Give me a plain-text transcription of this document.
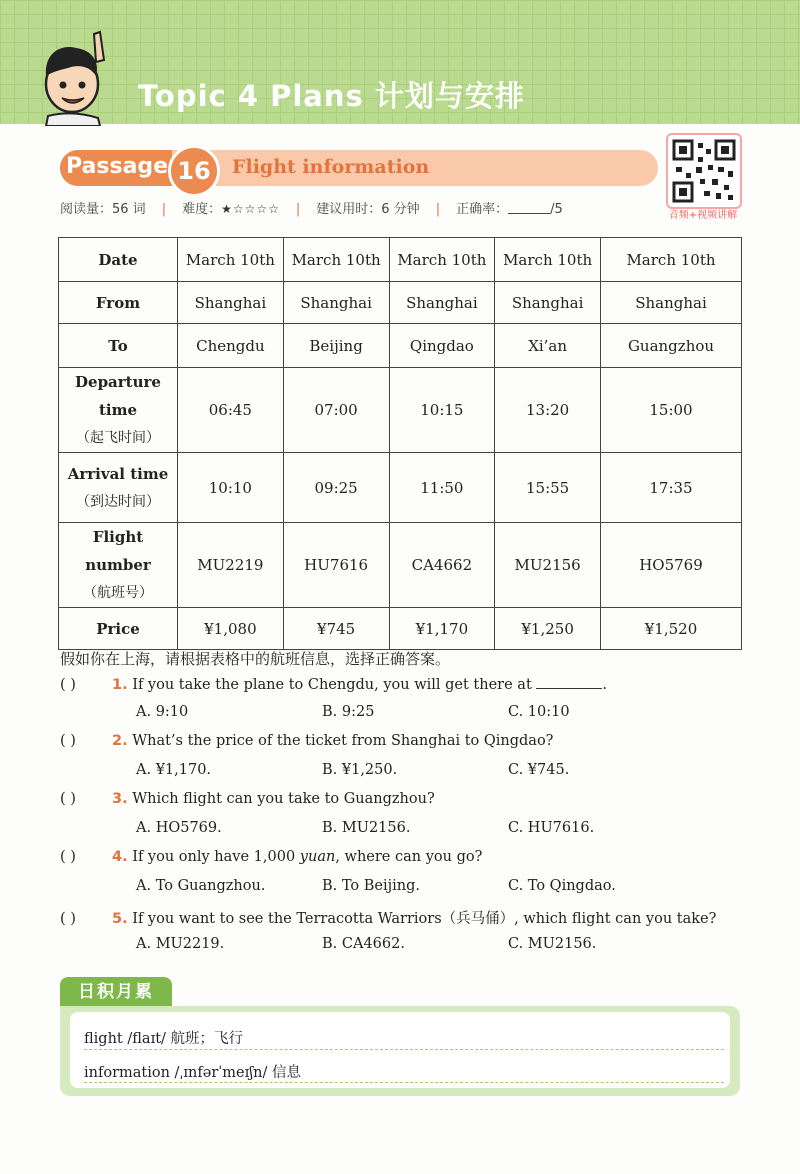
Topic 4 Plans 计划与安排
Passage 16	Flight information
音频+视频讲解
阅读量：56 词 | 难度：★☆☆☆☆ | 建议用时：6 分钟 | 正确率：	/5
Date	March 10th	March 10th	March 10th	March 10th	March 10th

From	Shanghai	Shanghai	Shanghai	Shanghai	Shanghai

To	Chengdu	Beijing	Qingdao	Xi’an	Guangzhou

Departure time
（起飞时间）	06:45	07:00	10:15	13:20	15:00

Arrival time
（到达时间）	10:10	09:25	11:50	15:55	17:35

Flight number
（航班号）	MU2219	HU7616	CA4662	MU2156	HO5769

Price	¥1,080	¥745	¥1,170	¥1,250	¥1,520
假如你在上海，请根据表格中的航班信息，选择正确答案。
( ) 1. If you take the plane to Chengdu, you will get there at	.
A. 9:10	B. 9:25	C. 10:10
( ) 2. What’s the price of the ticket from Shanghai to Qingdao?
A. ¥1,170.	B. ¥1,250.	C. ¥745.
( ) 3. Which flight can you take to Guangzhou?
A. HO5769.	B. MU2156.	C. HU7616.
( ) 4. If you only have 1,000 yuan, where can you go?
A. To Guangzhou.	B. To Beijing.	C. To Qingdao.
( ) 5. If you want to see the Terracotta Warriors（兵马俑）, which flight can you take?
A. MU2219.	B. CA4662.	C. MU2156.
日积月累
flight /flaɪt/ 航班；飞行
information /ˌɪnfərˈmeɪʃn/ 信息
